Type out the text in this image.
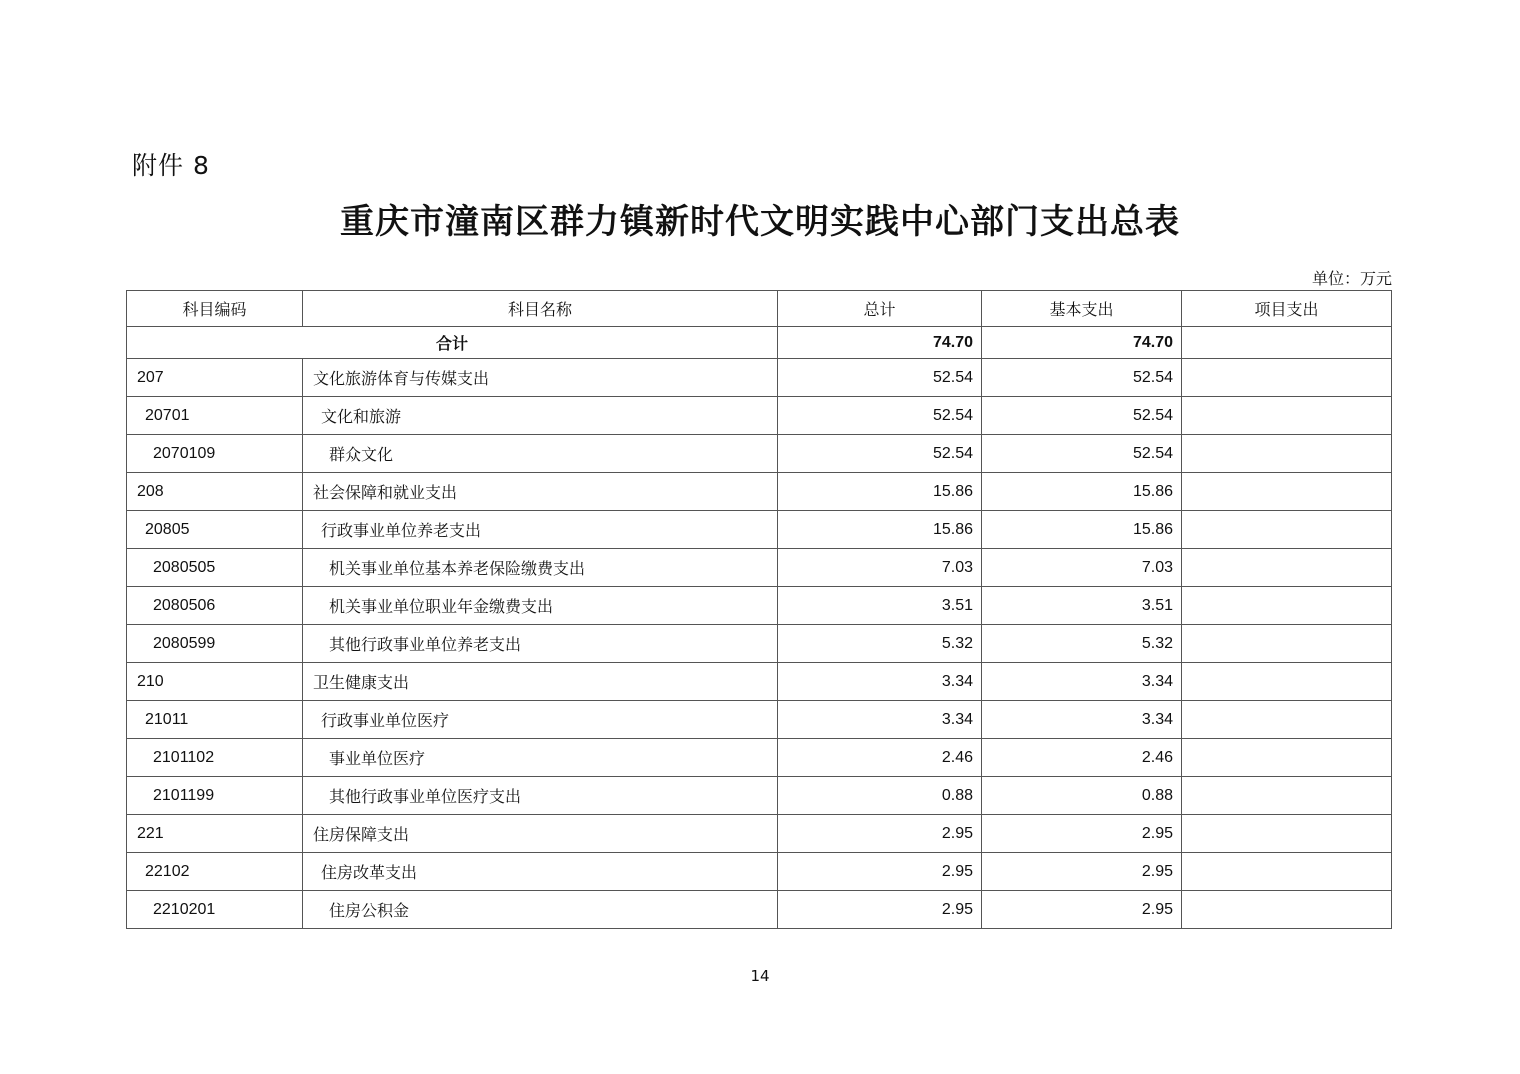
附件 8
重庆市潼南区群力镇新时代文明实践中心部门支出总表
单位：万元
科目编码	科目名称	总计	基本支出	项目支出
合计		74.70	74.70	
207	文化旅游体育与传媒支出	52.54	52.54	
20701	文化和旅游	52.54	52.54	
2070109	群众文化	52.54	52.54	
208	社会保障和就业支出	15.86	15.86	
20805	行政事业单位养老支出	15.86	15.86	
2080505	机关事业单位基本养老保险缴费支出	7.03	7.03	
2080506	机关事业单位职业年金缴费支出	3.51	3.51	
2080599	其他行政事业单位养老支出	5.32	5.32	
210	卫生健康支出	3.34	3.34	
21011	行政事业单位医疗	3.34	3.34	
2101102	事业单位医疗	2.46	2.46	
2101199	其他行政事业单位医疗支出	0.88	0.88	
221	住房保障支出	2.95	2.95	
22102	住房改革支出	2.95	2.95	
2210201	住房公积金	2.95	2.95	
14
